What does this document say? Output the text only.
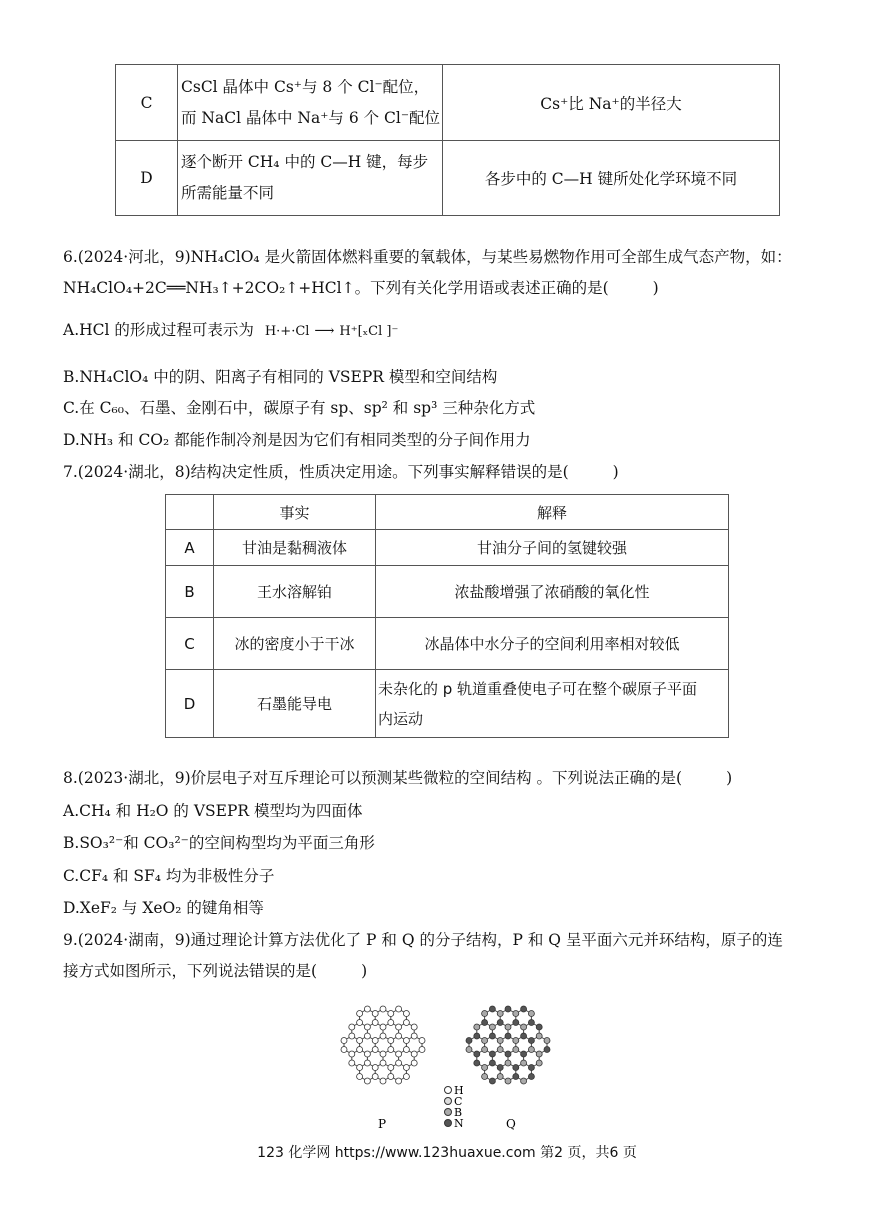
C	CsCl 晶体中 Cs⁺与 8 个 Cl⁻配位，
而 NaCl 晶体中 Na⁺与 6 个 Cl⁻配位	Cs⁺比 Na⁺的半径大
D	逐个断开 CH₄ 中的 C—H 键，每步
所需能量不同	各步中的 C—H 键所处化学环境不同
6.(2024·河北，9)NH₄ClO₄ 是火箭固体燃料重要的氧载体，与某些易燃物作用可全部生成气态产物，如：
NH₄ClO₄+2C══NH₃↑+2CO₂↑+HCl↑。下列有关化学用语或表述正确的是(	)
A.HCl 的形成过程可表示为 H·+·Cl ⟶ H⁺[ₓCl ]⁻
B.NH₄ClO₄ 中的阴、阳离子有相同的 VSEPR 模型和空间结构
C.在 C₆₀、石墨、金刚石中，碳原子有 sp、sp² 和 sp³ 三种杂化方式
D.NH₃ 和 CO₂ 都能作制冷剂是因为它们有相同类型的分子间作用力
7.(2024·湖北，8)结构决定性质，性质决定用途。下列事实解释错误的是(	)
	事实	解释
A	甘油是黏稠液体	甘油分子间的氢键较强
B	王水溶解铂	浓盐酸增强了浓硝酸的氧化性
C	冰的密度小于干冰	冰晶体中水分子的空间利用率相对较低
D	石墨能导电	未杂化的 p 轨道重叠使电子可在整个碳原子平面
内运动
8.(2023·湖北，9)价层电子对互斥理论可以预测某些微粒的空间结构 。下列说法正确的是(	)
A.CH₄ 和 H₂O 的 VSEPR 模型均为四面体
B.SO₃²⁻和 CO₃²⁻的空间构型均为平面三角形
C.CF₄ 和 SF₄ 均为非极性分子
D.XeF₂ 与 XeO₂ 的键角相等
9.(2024·湖南，9)通过理论计算方法优化了 P 和 Q 的分子结构，P 和 Q 呈平面六元并环结构，原子的连
接方式如图所示，下列说法错误的是(	)
H
C
B
N
P	Q
123 化学网 https://www.123huaxue.com 第2 页，共6 页
